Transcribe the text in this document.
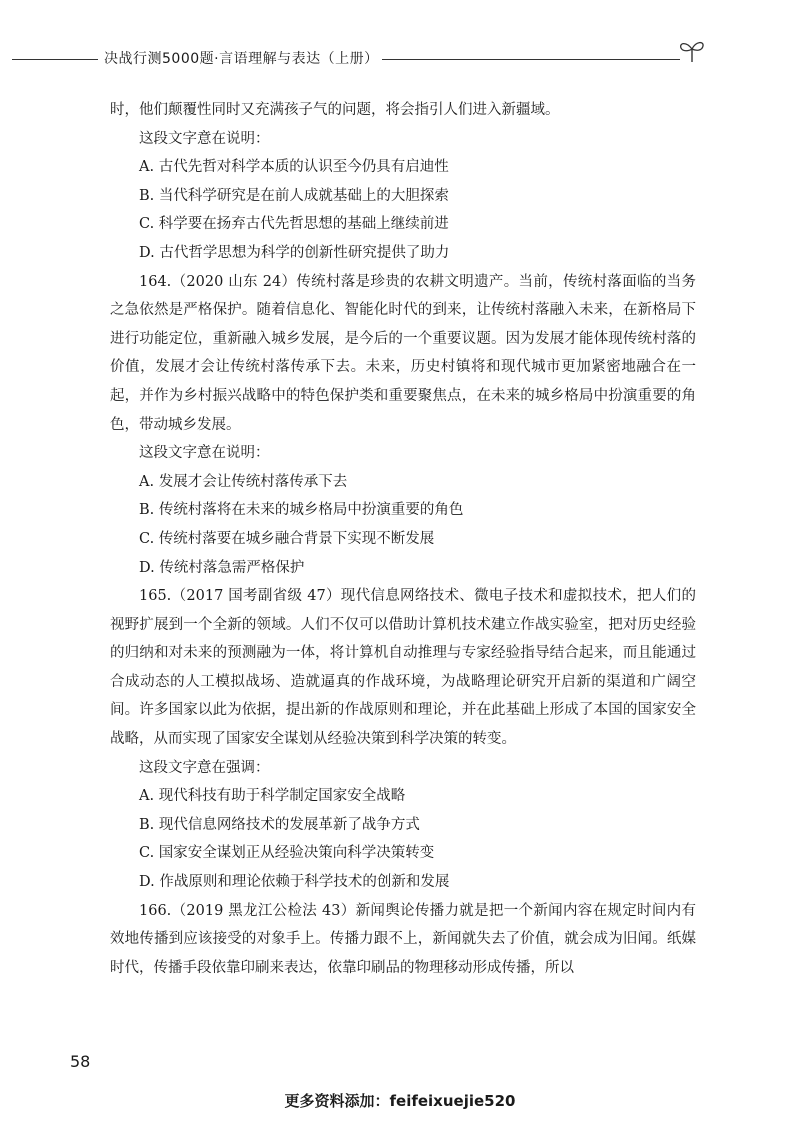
决战行测5000题·言语理解与表达（上册）

时，他们颠覆性同时又充满孩子气的问题，将会指引人们进入新疆域。

这段文字意在说明：

A. 古代先哲对科学本质的认识至今仍具有启迪性

B. 当代科学研究是在前人成就基础上的大胆探索

C. 科学要在扬弃古代先哲思想的基础上继续前进

D. 古代哲学思想为科学的创新性研究提供了助力

164.（2020 山东 24）传统村落是珍贵的农耕文明遗产。当前，传统村落面临的当务之急依然是严格保护。随着信息化、智能化时代的到来，让传统村落融入未来，在新格局下进行功能定位，重新融入城乡发展，是今后的一个重要议题。因为发展才能体现传统村落的价值，发展才会让传统村落传承下去。未来，历史村镇将和现代城市更加紧密地融合在一起，并作为乡村振兴战略中的特色保护类和重要聚焦点，在未来的城乡格局中扮演重要的角色，带动城乡发展。

这段文字意在说明：

A. 发展才会让传统村落传承下去

B. 传统村落将在未来的城乡格局中扮演重要的角色

C. 传统村落要在城乡融合背景下实现不断发展

D. 传统村落急需严格保护

165.（2017 国考副省级 47）现代信息网络技术、微电子技术和虚拟技术，把人们的视野扩展到一个全新的领域。人们不仅可以借助计算机技术建立作战实验室，把对历史经验的归纳和对未来的预测融为一体，将计算机自动推理与专家经验指导结合起来，而且能通过合成动态的人工模拟战场、造就逼真的作战环境，为战略理论研究开启新的渠道和广阔空间。许多国家以此为依据，提出新的作战原则和理论，并在此基础上形成了本国的国家安全战略，从而实现了国家安全谋划从经验决策到科学决策的转变。

这段文字意在强调：

A. 现代科技有助于科学制定国家安全战略

B. 现代信息网络技术的发展革新了战争方式

C. 国家安全谋划正从经验决策向科学决策转变

D. 作战原则和理论依赖于科学技术的创新和发展

166.（2019 黑龙江公检法 43）新闻舆论传播力就是把一个新闻内容在规定时间内有效地传播到应该接受的对象手上。传播力跟不上，新闻就失去了价值，就会成为旧闻。纸媒时代，传播手段依靠印刷来表达，依靠印刷品的物理移动形成传播，所以

58
更多资料添加：feifeixuejie520
